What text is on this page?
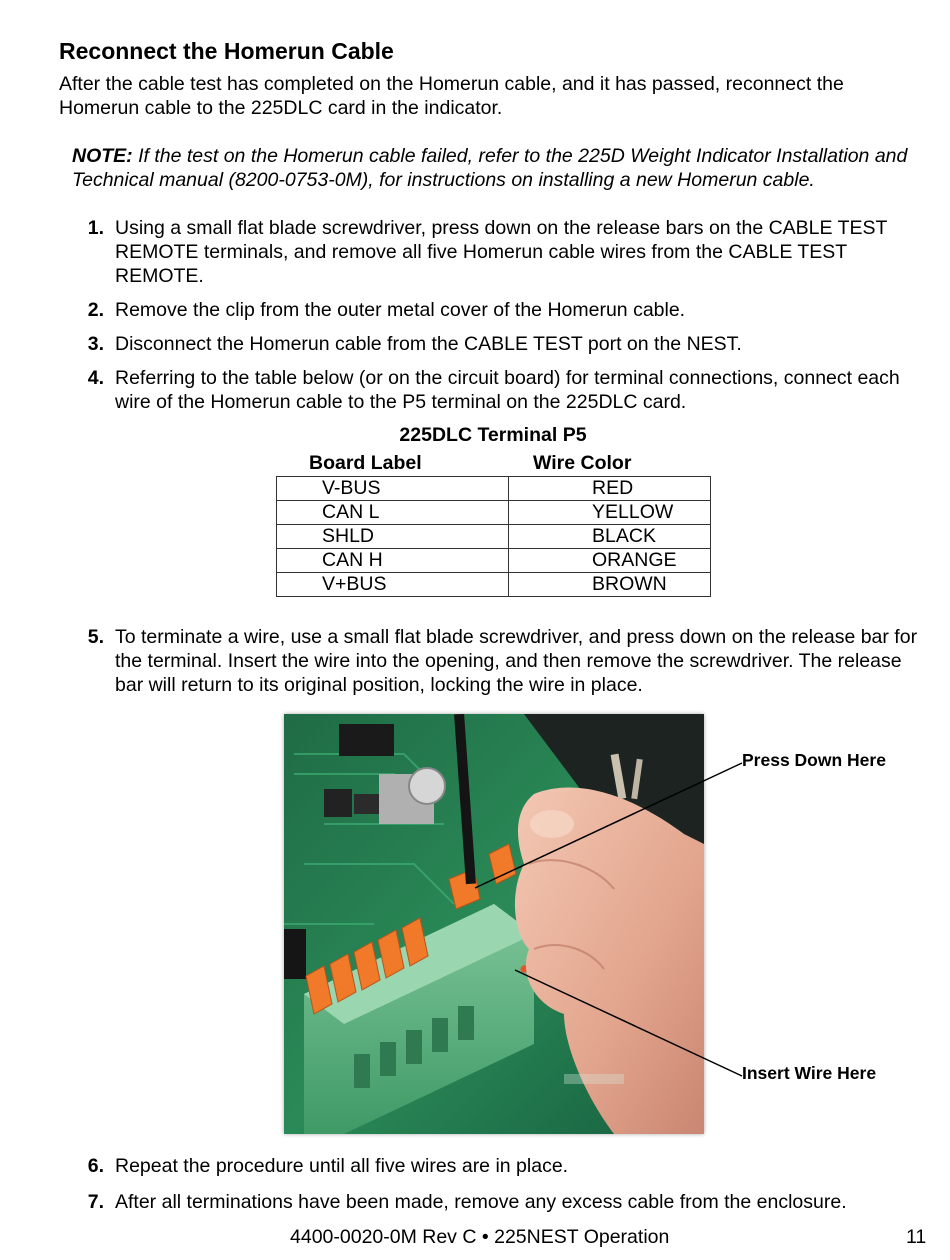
Reconnect the Homerun Cable

After the cable test has completed on the Homerun cable, and it has passed, reconnect the Homerun cable to the 225DLC card in the indicator.

NOTE: If the test on the Homerun cable failed, refer to the 225D Weight Indicator Installation and Technical manual (8200-0753-0M), for instructions on installing a new Homerun cable.

1. Using a small flat blade screwdriver, press down on the release bars on the CABLE TEST REMOTE terminals, and remove all five Homerun cable wires from the CABLE TEST REMOTE.
2. Remove the clip from the outer metal cover of the Homerun cable.
3. Disconnect the Homerun cable from the CABLE TEST port on the NEST.
4. Referring to the table below (or on the circuit board) for terminal connections, connect each wire of the Homerun cable to the P5 terminal on the 225DLC card.
225DLC Terminal P5
Board Label	Wire Color
V-BUS	RED
CAN L	YELLOW
SHLD	BLACK
CAN H	ORANGE
V+BUS	BROWN
5. To terminate a wire, use a small flat blade screwdriver, and press down on the release bar for the terminal. Insert the wire into the opening, and then remove the screwdriver. The release bar will return to its original position, locking the wire in place.
Press Down Here
Insert Wire Here
6. Repeat the procedure until all five wires are in place.
7. After all terminations have been made, remove any excess cable from the enclosure.
4400-0020-0M Rev C • 225NEST Operation	11
